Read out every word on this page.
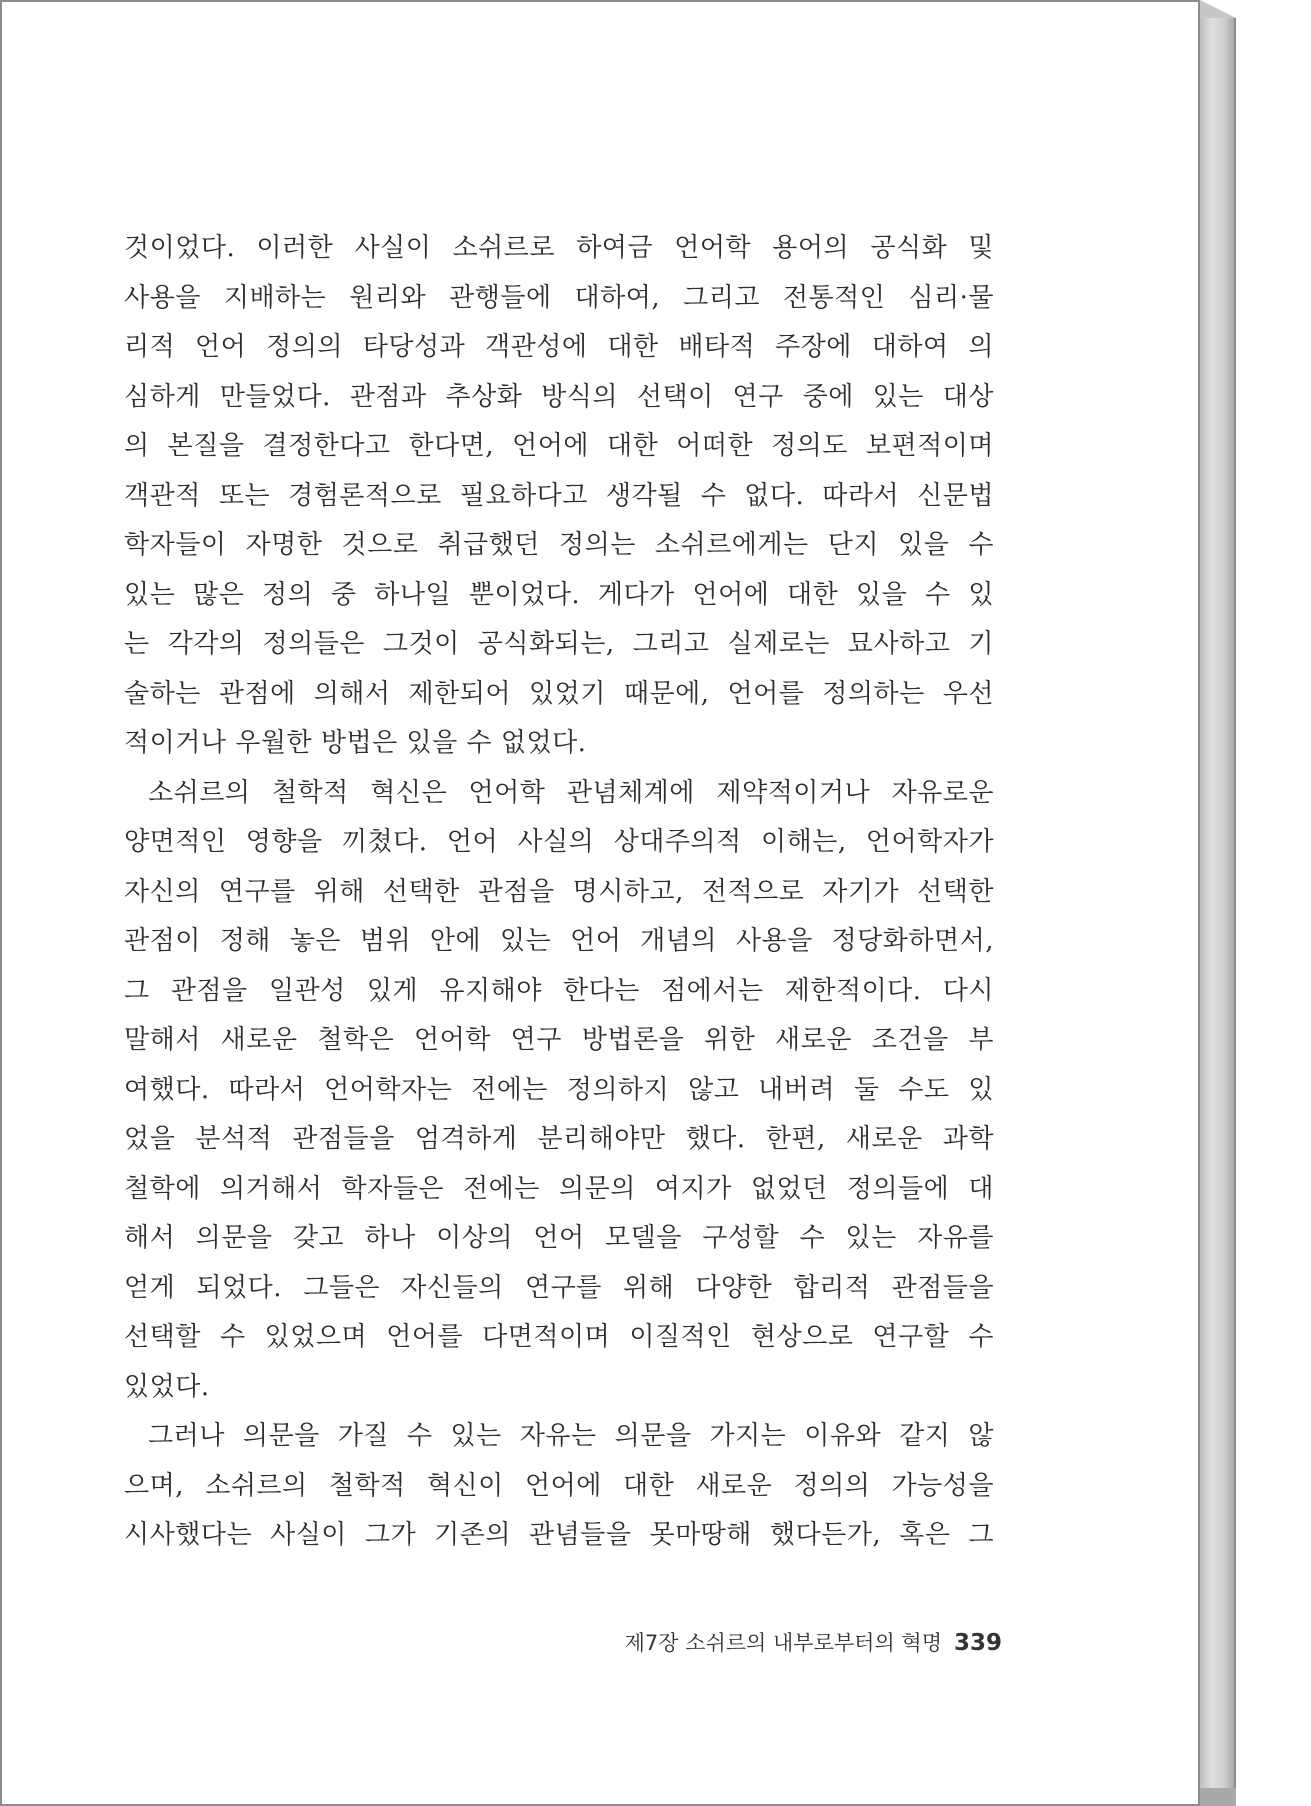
것이었다. 이러한 사실이 소쉬르로 하여금 언어학 용어의 공식화 및
사용을 지배하는 원리와 관행들에 대하여, 그리고 전통적인 심리·물
리적 언어 정의의 타당성과 객관성에 대한 배타적 주장에 대하여 의
심하게 만들었다. 관점과 추상화 방식의 선택이 연구 중에 있는 대상
의 본질을 결정한다고 한다면, 언어에 대한 어떠한 정의도 보편적이며
객관적 또는 경험론적으로 필요하다고 생각될 수 없다. 따라서 신문법
학자들이 자명한 것으로 취급했던 정의는 소쉬르에게는 단지 있을 수
있는 많은 정의 중 하나일 뿐이었다. 게다가 언어에 대한 있을 수 있
는 각각의 정의들은 그것이 공식화되는, 그리고 실제로는 묘사하고 기
술하는 관점에 의해서 제한되어 있었기 때문에, 언어를 정의하는 우선
적이거나 우월한 방법은 있을 수 없었다.
소쉬르의 철학적 혁신은 언어학 관념체계에 제약적이거나 자유로운
양면적인 영향을 끼쳤다. 언어 사실의 상대주의적 이해는, 언어학자가
자신의 연구를 위해 선택한 관점을 명시하고, 전적으로 자기가 선택한
관점이 정해 놓은 범위 안에 있는 언어 개념의 사용을 정당화하면서,
그 관점을 일관성 있게 유지해야 한다는 점에서는 제한적이다. 다시
말해서 새로운 철학은 언어학 연구 방법론을 위한 새로운 조건을 부
여했다. 따라서 언어학자는 전에는 정의하지 않고 내버려 둘 수도 있
었을 분석적 관점들을 엄격하게 분리해야만 했다. 한편, 새로운 과학
철학에 의거해서 학자들은 전에는 의문의 여지가 없었던 정의들에 대
해서 의문을 갖고 하나 이상의 언어 모델을 구성할 수 있는 자유를
얻게 되었다. 그들은 자신들의 연구를 위해 다양한 합리적 관점들을
선택할 수 있었으며 언어를 다면적이며 이질적인 현상으로 연구할 수
있었다.
그러나 의문을 가질 수 있는 자유는 의문을 가지는 이유와 같지 않
으며, 소쉬르의 철학적 혁신이 언어에 대한 새로운 정의의 가능성을
시사했다는 사실이 그가 기존의 관념들을 못마땅해 했다든가, 혹은 그
제7장 소쉬르의 내부로부터의 혁명 339
